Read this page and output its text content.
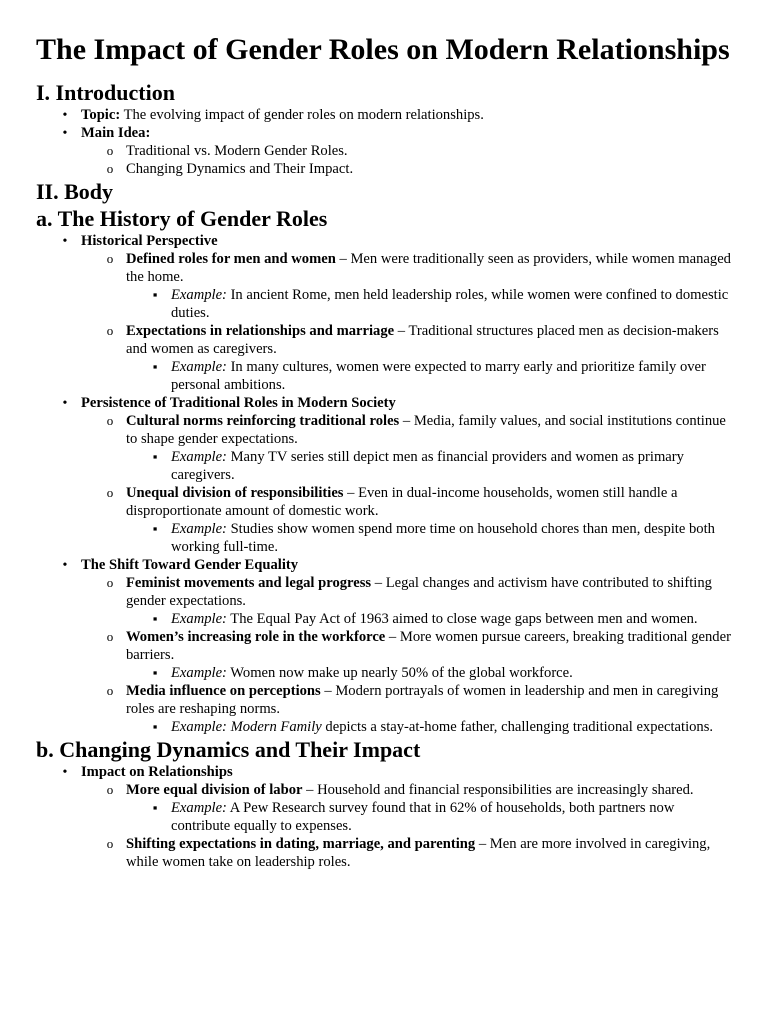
The Impact of Gender Roles on Modern Relationships
I. Introduction
•
Topic: The evolving impact of gender roles on modern relationships.
•
Main Idea:
o
Traditional vs. Modern Gender Roles.
o
Changing Dynamics and Their Impact.
II. Body
a. The History of Gender Roles
•
Historical Perspective
o
Defined roles for men and women – Men were traditionally seen as providers, while women managed the home.
▪
Example: In ancient Rome, men held leadership roles, while women were confined to domestic duties.
o
Expectations in relationships and marriage – Traditional structures placed men as decision-makers and women as caregivers.
▪
Example: In many cultures, women were expected to marry early and prioritize family over personal ambitions.
•
Persistence of Traditional Roles in Modern Society
o
Cultural norms reinforcing traditional roles – Media, family values, and social institutions continue to shape gender expectations.
▪
Example: Many TV series still depict men as financial providers and women as primary caregivers.
o
Unequal division of responsibilities – Even in dual-income households, women still handle a disproportionate amount of domestic work.
▪
Example: Studies show women spend more time on household chores than men, despite both working full-time.
•
The Shift Toward Gender Equality
o
Feminist movements and legal progress – Legal changes and activism have contributed to shifting gender expectations.
▪
Example: The Equal Pay Act of 1963 aimed to close wage gaps between men and women.
o
Women’s increasing role in the workforce – More women pursue careers, breaking traditional gender barriers.
▪
Example: Women now make up nearly 50% of the global workforce.
o
Media influence on perceptions – Modern portrayals of women in leadership and men in caregiving roles are reshaping norms.
▪
Example: Modern Family depicts a stay-at-home father, challenging traditional expectations.
b. Changing Dynamics and Their Impact
•
Impact on Relationships
o
More equal division of labor – Household and financial responsibilities are increasingly shared.
▪
Example: A Pew Research survey found that in 62% of households, both partners now contribute equally to expenses.
o
Shifting expectations in dating, marriage, and parenting – Men are more involved in caregiving, while women take on leadership roles.
